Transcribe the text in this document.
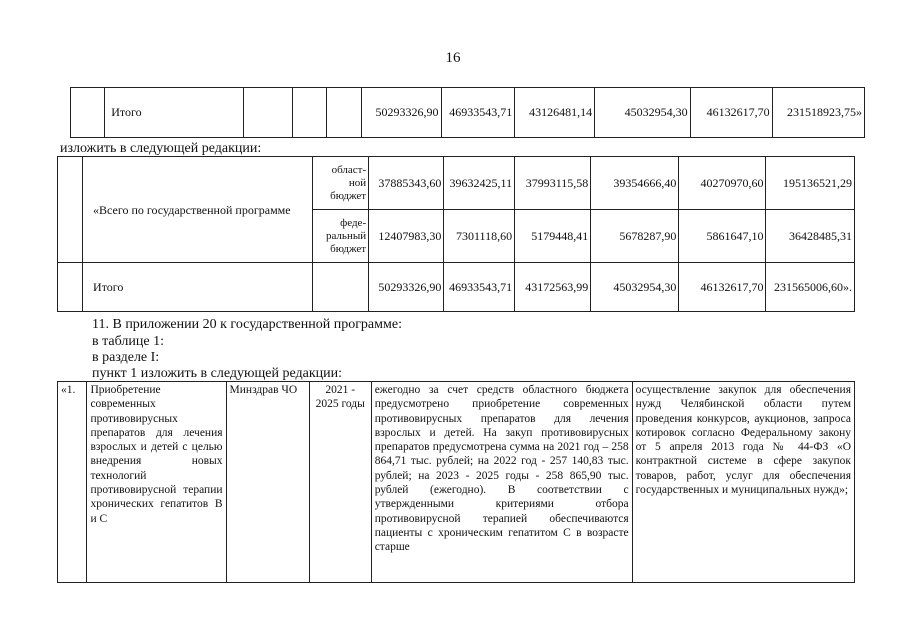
16
	Итого				50293326,90	46933543,71	43126481,14	45032954,30	46132617,70	231518923,75»
изложить в следующей редакции:
	«Всего по государственной программе	област-ной бюджет	37885343,60	39632425,11	37993115,58	39354666,40	40270970,60	195136521,29
		феде-ральный бюджет	12407983,30	7301118,60	5179448,41	5678287,90	5861647,10	36428485,31
	Итого		50293326,90	46933543,71	43172563,99	45032954,30	46132617,70	231565006,60».
11. В приложении 20 к государственной программе:
в таблице 1:
в разделе I:
пункт 1 изложить в следующей редакции:
«1.	Приобретение современных противовирусных препаратов для лечения взрослых и детей с целью внедрения новых технологий противовирусной терапии хронических гепатитов В и С	Минздрав ЧО	2021 - 2025 годы	ежегодно за счет средств областного бюджета предусмотрено приобретение современных противовирусных препаратов для лечения взрослых и детей. На закуп противовирусных препаратов предусмотрена сумма на 2021 год – 258 864,71 тыс. рублей; на 2022 год - 257 140,83 тыс. рублей; на 2023 - 2025 годы - 258 865,90 тыс. рублей (ежегодно). В соответствии с утвержденными критериями отбора противовирусной терапией обеспечиваются пациенты с хроническим гепатитом С в возрасте старше	осуществление закупок для обеспечения нужд Челябинской области путем проведения конкурсов, аукционов, запроса котировок согласно Федеральному закону от 5 апреля 2013 года № 44-ФЗ «О контрактной системе в сфере закупок товаров, работ, услуг для обеспечения государственных и муниципальных нужд»;
